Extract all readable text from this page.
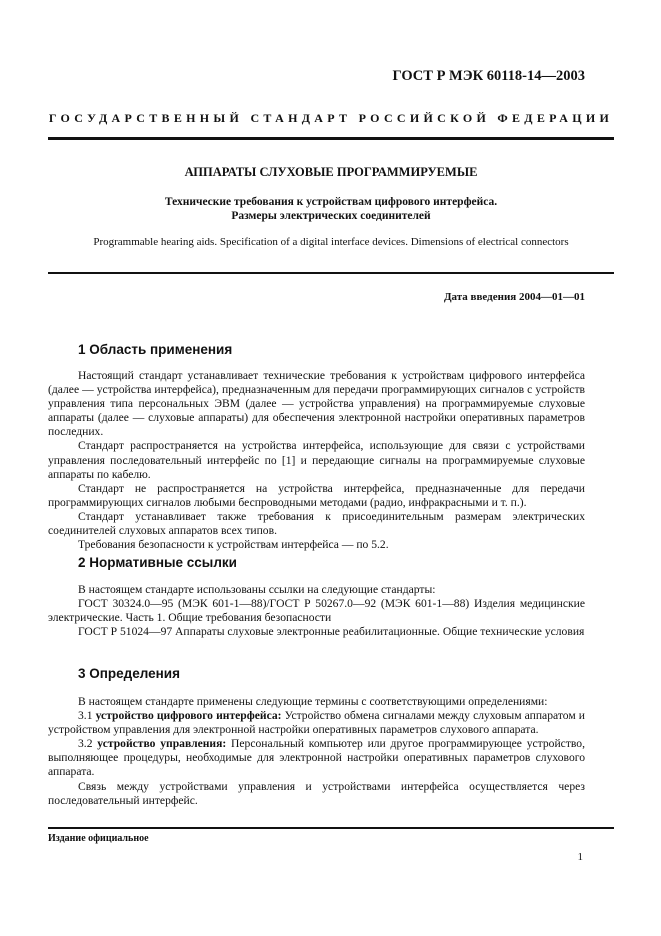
ГОСТ Р МЭК 60118-14—2003
ГОСУДАРСТВЕННЫЙ СТАНДАРТ РОССИЙСКОЙ ФЕДЕРАЦИИ
АППАРАТЫ СЛУХОВЫЕ ПРОГРАММИРУЕМЫЕ
Технические требования к устройствам цифрового интерфейса.
Размеры электрических соединителей
Programmable hearing aids. Specification of a digital interface devices. Dimensions of electrical connectors
Дата введения 2004—01—01
1 Область применения

Настоящий стандарт устанавливает технические требования к устройствам цифрового интерфейса (далее — устройства интерфейса), предназначенным для передачи программирующих сигналов с устройств управления типа персональных ЭВМ (далее — устройства управления) на программируемые слуховые аппараты (далее — слуховые аппараты) для обеспечения электронной настройки оперативных параметров последних.

Стандарт распространяется на устройства интерфейса, использующие для связи с устройствами управления последовательный интерфейс по [1] и передающие сигналы на программируемые слуховые аппараты по кабелю.

Стандарт не распространяется на устройства интерфейса, предназначенные для передачи программирующих сигналов любыми беспроводными методами (радио, инфракрасными и т. п.).

Стандарт устанавливает также требования к присоединительным размерам электрических соединителей слуховых аппаратов всех типов.

Требования безопасности к устройствам интерфейса — по 5.2.

2 Нормативные ссылки

В настоящем стандарте использованы ссылки на следующие стандарты:

ГОСТ 30324.0—95 (МЭК 601-1—88)/ГОСТ Р 50267.0—92 (МЭК 601-1—88) Изделия медицинские электрические. Часть 1. Общие требования безопасности

ГОСТ Р 51024—97 Аппараты слуховые электронные реабилитационные. Общие технические условия

3 Определения

В настоящем стандарте применены следующие термины с соответствующими определениями:

3.1 устройство цифрового интерфейса: Устройство обмена сигналами между слуховым аппаратом и устройством управления для электронной настройки оперативных параметров слухового аппарата.

3.2 устройство управления: Персональный компьютер или другое программирующее устройство, выполняющее процедуры, необходимые для электронной настройки оперативных параметров слухового аппарата.

Связь между устройствами управления и устройствами интерфейса осуществляется через последовательный интерфейс.

Издание официальное
1
